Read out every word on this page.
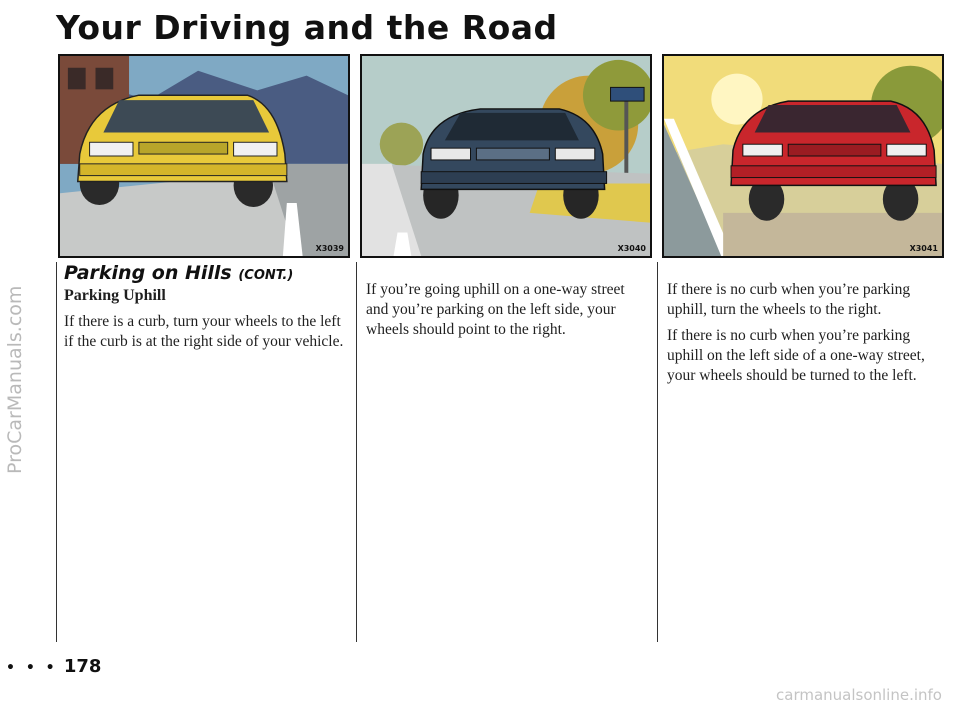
ProCarManuals.com
Your Driving and the Road
X3039	X3040	X3041
Parking on Hills (CONT.)

Parking Uphill

If there is a curb, turn your wheels to the left if the curb is at the right side of your vehicle.

If you’re going uphill on a one-way street and you’re parking on the left side, your wheels should point to the right.

If there is no curb when you’re parking uphill, turn the wheels to the right.

If there is no curb when you’re parking uphill on the left side of a one-way street, your wheels should be turned to the left.

• • • 178
carmanualsonline.info
